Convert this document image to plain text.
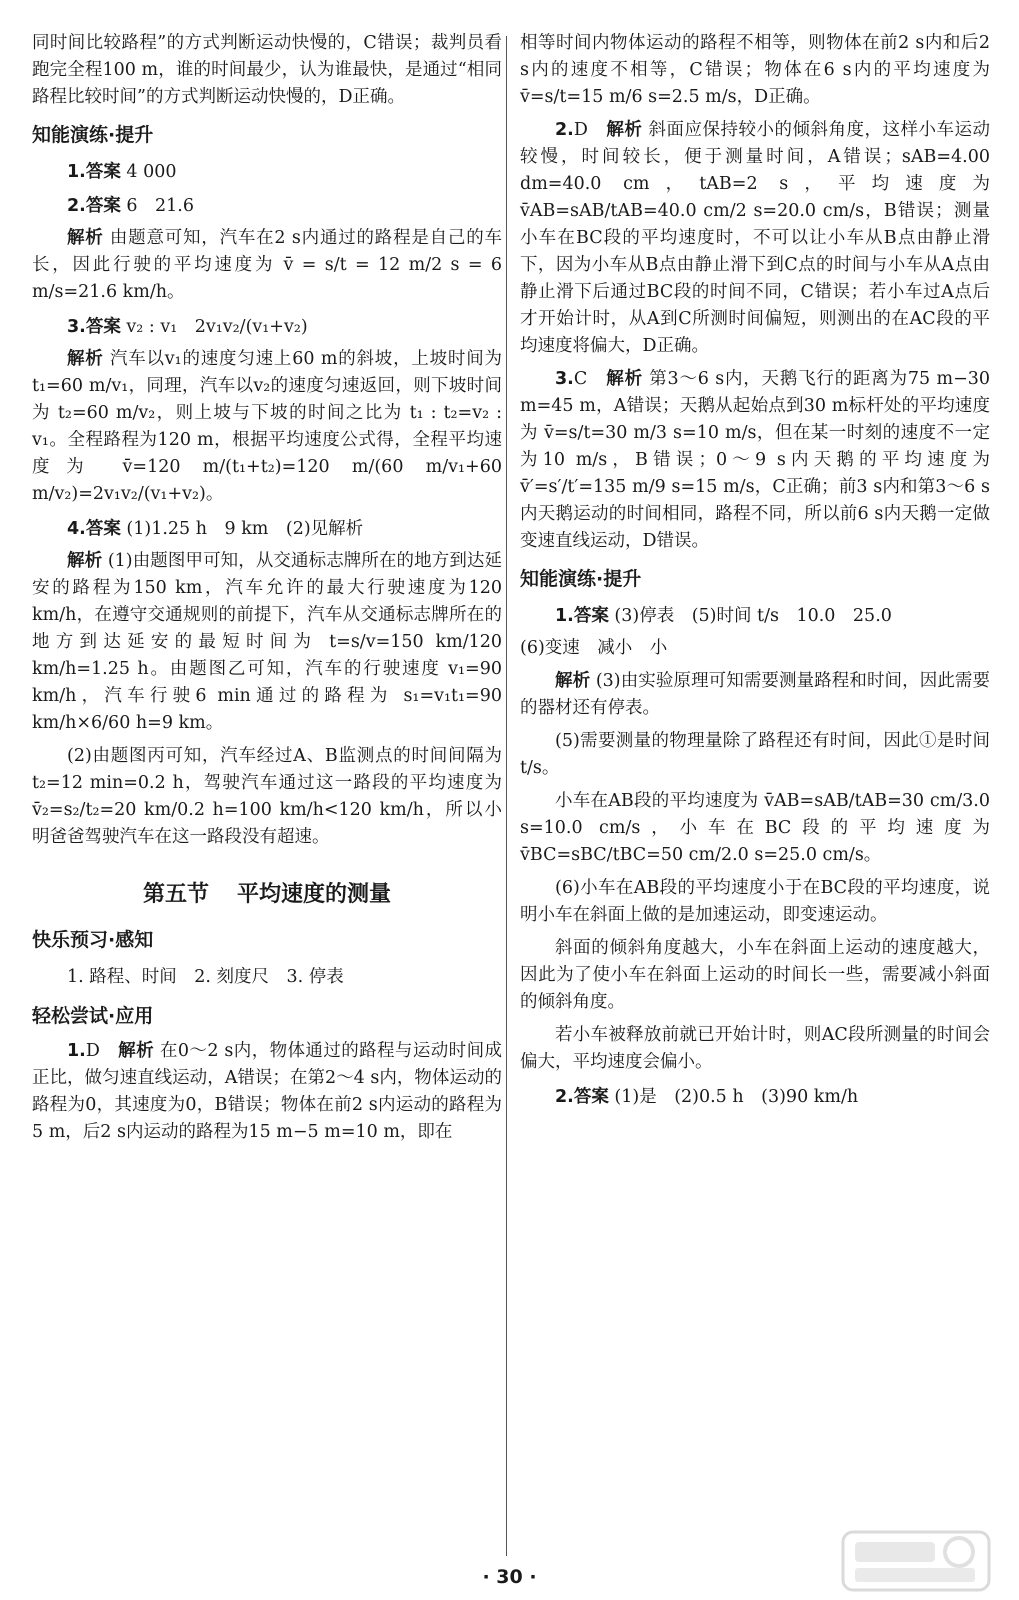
同时间比较路程”的方式判断运动快慢的，C错误；裁判员看跑完全程100 m，谁的时间最少，认为谁最快，是通过“相同路程比较时间”的方式判断运动快慢的，D正确。

知能演练·提升
1.答案 4 000
2.答案 6　21.6

解析 由题意可知，汽车在2 s内通过的路程是自己的车长，因此行驶的平均速度为 v̄ = s/t = 12 m/2 s = 6 m/s=21.6 km/h。

3.答案 v₂ : v₁　2v₁v₂/(v₁+v₂)

解析 汽车以v₁的速度匀速上60 m的斜坡，上坡时间为 t₁=60 m/v₁，同理，汽车以v₂的速度匀速返回，则下坡时间为 t₂=60 m/v₂，则上坡与下坡的时间之比为 t₁ : t₂=v₂ : v₁。全程路程为120 m，根据平均速度公式得，全程平均速度为 v̄=120 m/(t₁+t₂)=120 m/(60 m/v₁+60 m/v₂)=2v₁v₂/(v₁+v₂)。

4.答案 (1)1.25 h　9 km　(2)见解析

解析 (1)由题图甲可知，从交通标志牌所在的地方到达延安的路程为150 km，汽车允许的最大行驶速度为120 km/h，在遵守交通规则的前提下，汽车从交通标志牌所在的地方到达延安的最短时间为 t=s/v=150 km/120 km/h=1.25 h。由题图乙可知，汽车的行驶速度 v₁=90 km/h，汽车行驶6 min通过的路程为 s₁=v₁t₁=90 km/h×6/60 h=9 km。

(2)由题图丙可知，汽车经过A、B监测点的时间间隔为t₂=12 min=0.2 h，驾驶汽车通过这一路段的平均速度为 v̄₂=s₂/t₂=20 km/0.2 h=100 km/h<120 km/h，所以小明爸爸驾驶汽车在这一路段没有超速。

第五节 平均速度的测量
快乐预习·感知
1. 路程、时间　2. 刻度尺　3. 停表
轻松尝试·应用

1.D　 解析 在0～2 s内，物体通过的路程与运动时间成正比，做匀速直线运动，A错误；在第2～4 s内，物体运动的路程为0，其速度为0，B错误；物体在前2 s内运动的路程为5 m，后2 s内运动的路程为15 m−5 m=10 m，即在

相等时间内物体运动的路程不相等，则物体在前2 s内和后2 s内的速度不相等，C错误；物体在6 s内的平均速度为 v̄=s/t=15 m/6 s=2.5 m/s，D正确。

2.D　 解析 斜面应保持较小的倾斜角度，这样小车运动较慢，时间较长，便于测量时间，A错误；sAB=4.00 dm=40.0 cm，tAB=2 s，平均速度为 v̄AB=sAB/tAB=40.0 cm/2 s=20.0 cm/s，B错误；测量小车在BC段的平均速度时，不可以让小车从B点由静止滑下，因为小车从B点由静止滑下到C点的时间与小车从A点由静止滑下后通过BC段的时间不同，C错误；若小车过A点后才开始计时，从A到C所测时间偏短，则测出的在AC段的平均速度将偏大，D正确。

3.C　 解析 第3～6 s内，天鹅飞行的距离为75 m−30 m=45 m，A错误；天鹅从起始点到30 m标杆处的平均速度为 v̄=s/t=30 m/3 s=10 m/s，但在某一时刻的速度不一定为10 m/s，B错误；0～9 s内天鹅的平均速度为 v̄′=s′/t′=135 m/9 s=15 m/s，C正确；前3 s内和第3～6 s内天鹅运动的时间相同，路程不同，所以前6 s内天鹅一定做变速直线运动，D错误。

知能演练·提升
1.答案 (3)停表　(5)时间 t/s　10.0　25.0
(6)变速　减小　小

解析 (3)由实验原理可知需要测量路程和时间，因此需要的器材还有停表。

(5)需要测量的物理量除了路程还有时间，因此①是时间 t/s。

小车在AB段的平均速度为 v̄AB=sAB/tAB=30 cm/3.0 s=10.0 cm/s，小车在BC段的平均速度为 v̄BC=sBC/tBC=50 cm/2.0 s=25.0 cm/s。

(6)小车在AB段的平均速度小于在BC段的平均速度，说明小车在斜面上做的是加速运动，即变速运动。

斜面的倾斜角度越大，小车在斜面上运动的速度越大，因此为了使小车在斜面上运动的时间长一些，需要减小斜面的倾斜角度。

若小车被释放前就已开始计时，则AC段所测量的时间会偏大，平均速度会偏小。

2.答案 (1)是　(2)0.5 h　(3)90 km/h
· 30 ·
